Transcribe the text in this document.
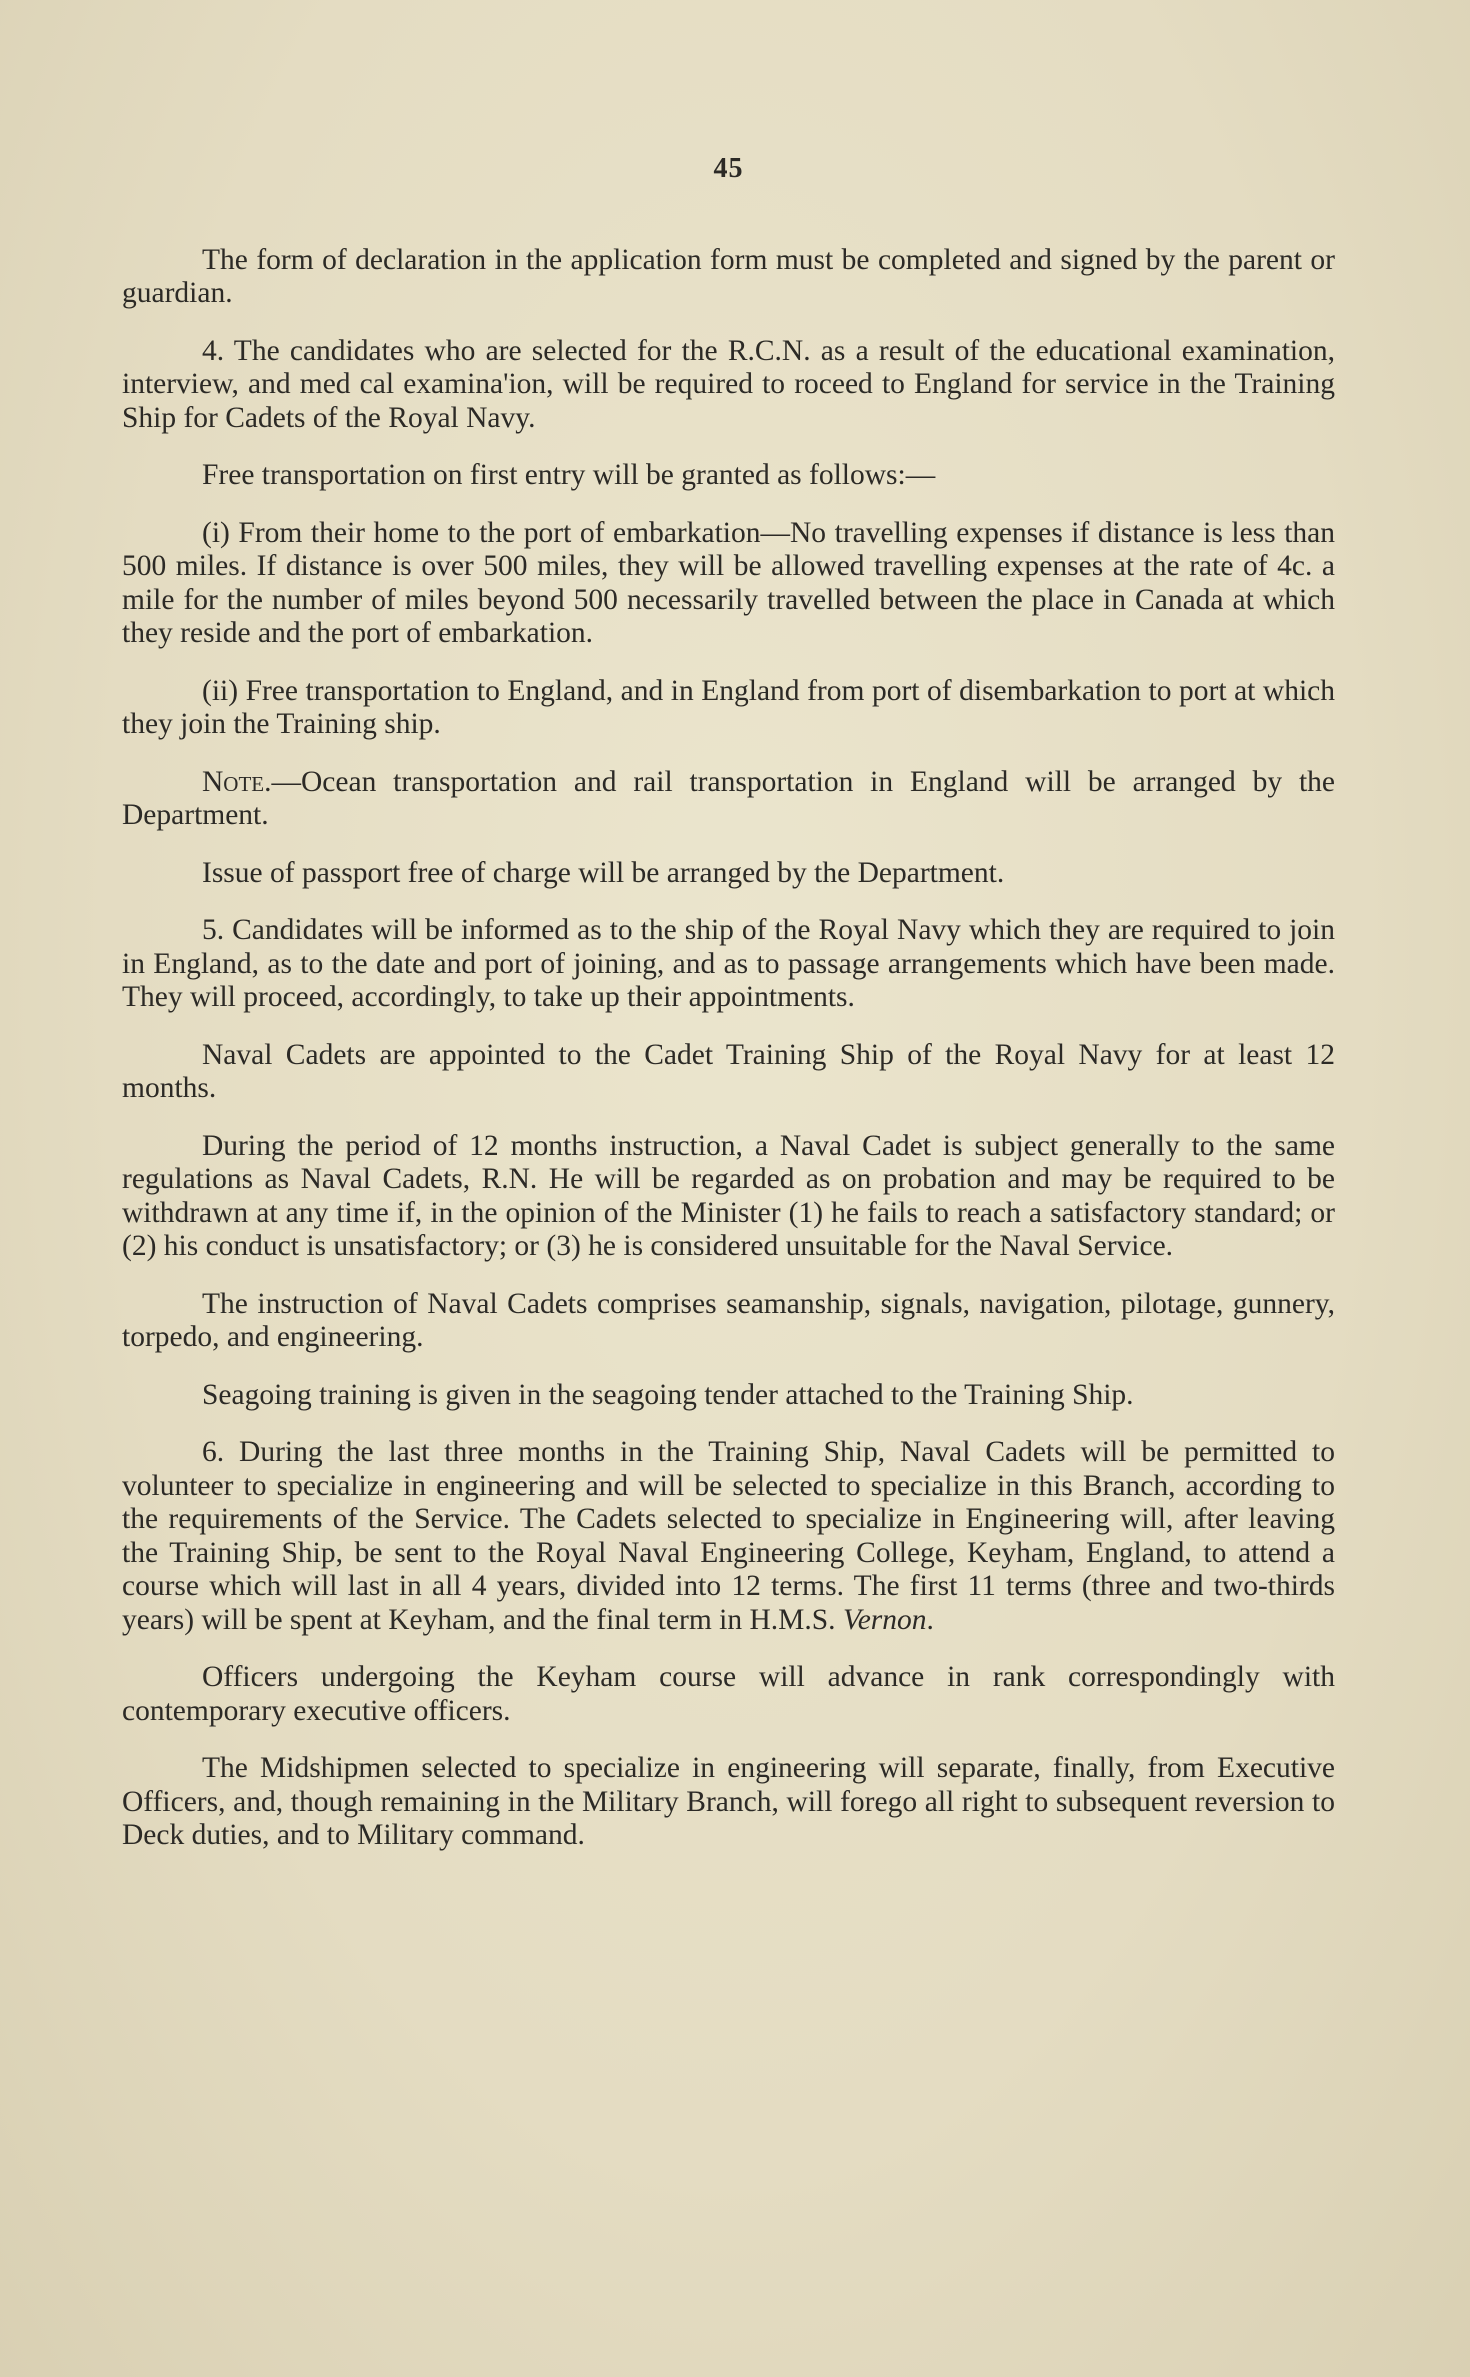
45

The form of declaration in the application form must be completed and signed by the parent or guardian.

4. The candidates who are selected for the R.C.N. as a result of the educational examination, interview, and med cal examina'ion, will be required to roceed to England for service in the Training Ship for Cadets of the Royal Navy.

Free transportation on first entry will be granted as follows:—

(i) From their home to the port of embarkation—No travelling expenses if distance is less than 500 miles. If distance is over 500 miles, they will be allowed travelling expenses at the rate of 4c. a mile for the number of miles beyond 500 necessarily travelled between the place in Canada at which they reside and the port of embarkation.

(ii) Free transportation to England, and in England from port of disembarkation to port at which they join the Training ship.

Note.—Ocean transportation and rail transportation in England will be arranged by the Department.

Issue of passport free of charge will be arranged by the Department.

5. Candidates will be informed as to the ship of the Royal Navy which they are required to join in England, as to the date and port of joining, and as to passage arrangements which have been made. They will proceed, accordingly, to take up their appointments.

Naval Cadets are appointed to the Cadet Training Ship of the Royal Navy for at least 12 months.

During the period of 12 months instruction, a Naval Cadet is subject generally to the same regulations as Naval Cadets, R.N. He will be regarded as on probation and may be required to be withdrawn at any time if, in the opinion of the Minister (1) he fails to reach a satisfactory standard; or (2) his conduct is unsatisfactory; or (3) he is considered unsuitable for the Naval Service.

The instruction of Naval Cadets comprises seamanship, signals, navigation, pilotage, gunnery, torpedo, and engineering.

Seagoing training is given in the seagoing tender attached to the Training Ship.

6. During the last three months in the Training Ship, Naval Cadets will be permitted to volunteer to specialize in engineering and will be selected to specialize in this Branch, according to the requirements of the Service. The Cadets selected to specialize in Engineering will, after leaving the Training Ship, be sent to the Royal Naval Engineering College, Keyham, England, to attend a course which will last in all 4 years, divided into 12 terms. The first 11 terms (three and two-thirds years) will be spent at Keyham, and the final term in H.M.S. Vernon.

Officers undergoing the Keyham course will advance in rank correspondingly with contemporary executive officers.

The Midshipmen selected to specialize in engineering will separate, finally, from Executive Officers, and, though remaining in the Military Branch, will forego all right to subsequent reversion to Deck duties, and to Military command.
